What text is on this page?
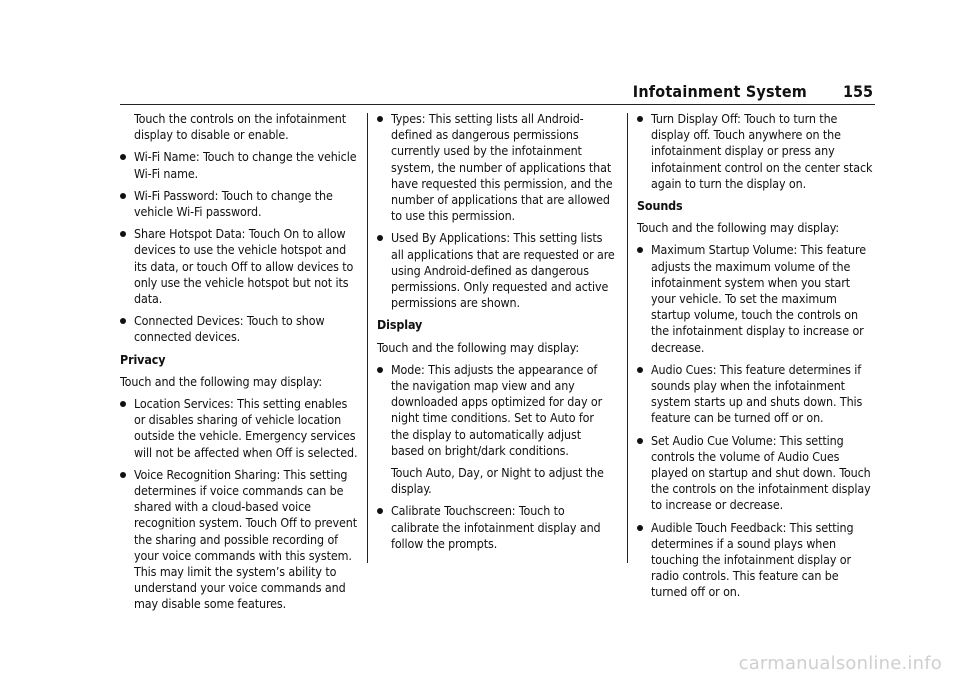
Infotainment System 155

Touch the controls on the infotainment display to disable or enable.

Wi-Fi Name: Touch to change the vehicle Wi-Fi name.
Wi-Fi Password: Touch to change the vehicle Wi-Fi password.
Share Hotspot Data: Touch On to allow devices to use the vehicle hotspot and its data, or touch Off to allow devices to only use the vehicle hotspot but not its data.
Connected Devices: Touch to show connected devices.

Privacy

Touch and the following may display:

Location Services: This setting enables or disables sharing of vehicle location outside the vehicle. Emergency services will not be affected when Off is selected.
Voice Recognition Sharing: This setting determines if voice commands can be shared with a cloud-based voice recognition system. Touch Off to prevent the sharing and possible recording of your voice commands with this system. This may limit the system’s ability to understand your voice commands and may disable some features.
Types: This setting lists all Android-defined as dangerous permissions currently used by the infotainment system, the number of applications that have requested this permission, and the number of applications that are allowed to use this permission.
Used By Applications: This setting lists all applications that are requested or are using Android-defined as dangerous permissions. Only requested and active permissions are shown.

Display

Touch and the following may display:

Mode: This adjusts the appearance of the navigation map view and any downloaded apps optimized for day or night time conditions. Set to Auto for the display to automatically adjust based on bright/dark conditions.

Touch Auto, Day, or Night to adjust the display.

Calibrate Touchscreen: Touch to calibrate the infotainment display and follow the prompts.
Turn Display Off: Touch to turn the display off. Touch anywhere on the infotainment display or press any infotainment control on the center stack again to turn the display on.

Sounds

Touch and the following may display:

Maximum Startup Volume: This feature adjusts the maximum volume of the infotainment system when you start your vehicle. To set the maximum startup volume, touch the controls on the infotainment display to increase or decrease.
Audio Cues: This feature determines if sounds play when the infotainment system starts up and shuts down. This feature can be turned off or on.
Set Audio Cue Volume: This setting controls the volume of Audio Cues played on startup and shut down. Touch the controls on the infotainment display to increase or decrease.
Audible Touch Feedback: This setting determines if a sound plays when touching the infotainment display or radio controls. This feature can be turned off or on.
carmanualsonline.info
